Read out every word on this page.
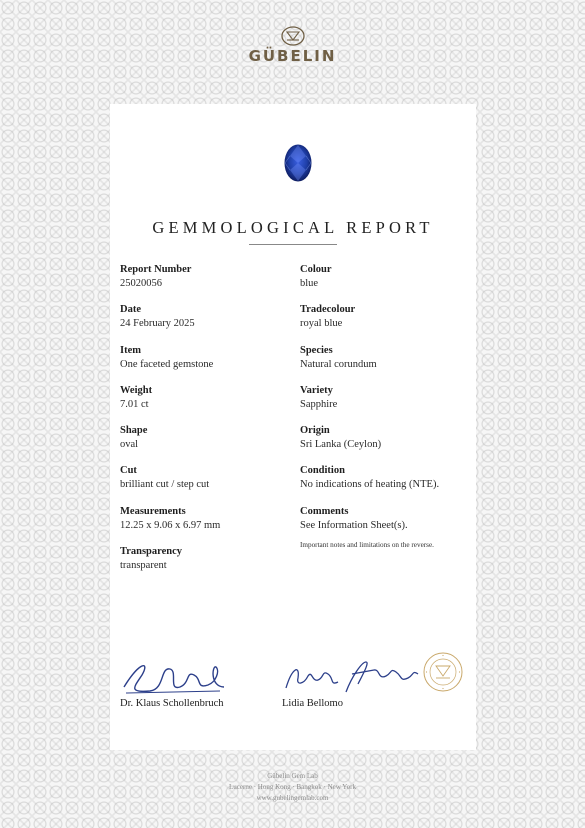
GÜBELIN
GEMMOLOGICAL REPORT
Report Number
25020056
Date
24 February 2025
Item
One faceted gemstone
Weight
7.01 ct
Shape
oval
Cut
brilliant cut / step cut
Measurements
12.25 x 9.06 x 6.97 mm
Transparency
transparent
Colour
blue
Tradecolour
royal blue
Species
Natural corundum
Variety
Sapphire
Origin
Sri Lanka (Ceylon)
Condition
No indications of heating (NTE).
Comments
See Information Sheet(s).
Important notes and limitations on the reverse.
Dr. Klaus Schollenbruch	Lidia Bellomo
Gübelin Gem Lab
Lucerne · Hong Kong · Bangkok · New York
www.gubelingemlab.com
